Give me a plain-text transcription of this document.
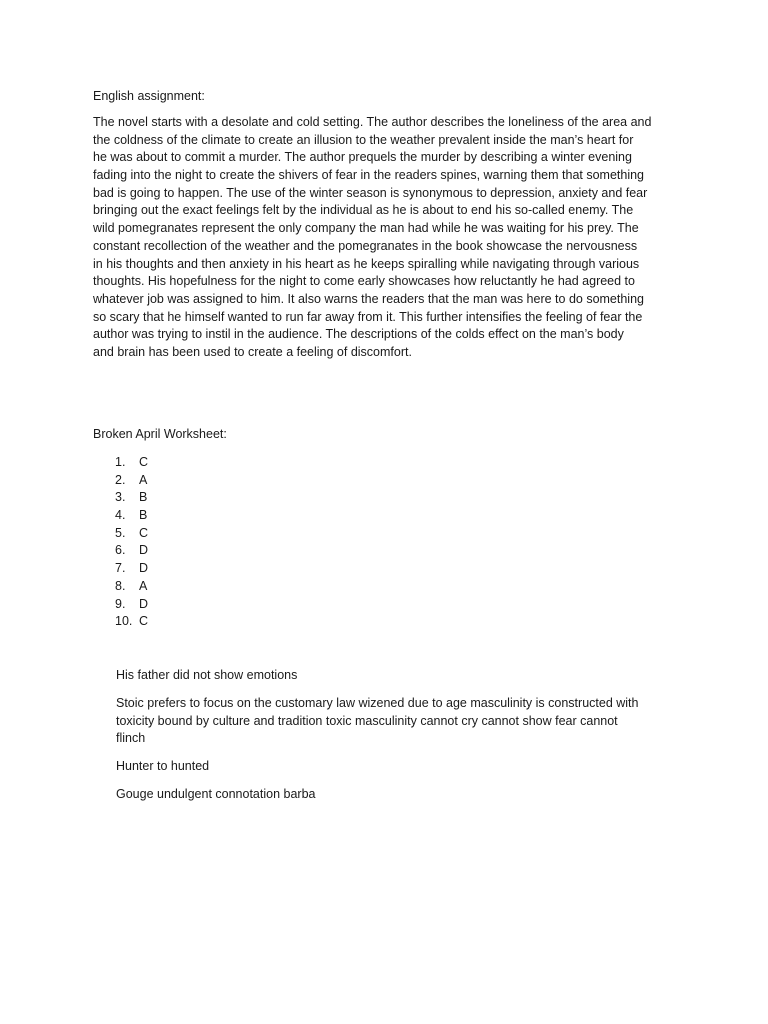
English assignment:
The novel starts with a desolate and cold setting. The author describes the loneliness of the area and
the coldness of the climate to create an illusion to the weather prevalent inside the man’s heart for
he was about to commit a murder. The author prequels the murder by describing a winter evening
fading into the night to create the shivers of fear in the readers spines, warning them that something
bad is going to happen. The use of the winter season is synonymous to depression, anxiety and fear
bringing out the exact feelings felt by the individual as he is about to end his so-called enemy. The
wild pomegranates represent the only company the man had while he was waiting for his prey. The
constant recollection of the weather and the pomegranates in the book showcase the nervousness
in his thoughts and then anxiety in his heart as he keeps spiralling while navigating through various
thoughts. His hopefulness for the night to come early showcases how reluctantly he had agreed to
whatever job was assigned to him. It also warns the readers that the man was here to do something
so scary that he himself wanted to run far away from it. This further intensifies the feeling of fear the
author was trying to instil in the audience. The descriptions of the colds effect on the man’s body
and brain has been used to create a feeling of discomfort.
Broken April Worksheet:
1.	C
2.	A
3.	B
4.	B
5.	C
6.	D
7.	D
8.	A
9.	D
10. C
His father did not show emotions
Stoic prefers to focus on the customary law wizened due to age masculinity is constructed with
toxicity bound by culture and tradition toxic masculinity cannot cry cannot show fear cannot
flinch
Hunter to hunted
Gouge undulgent connotation barba
